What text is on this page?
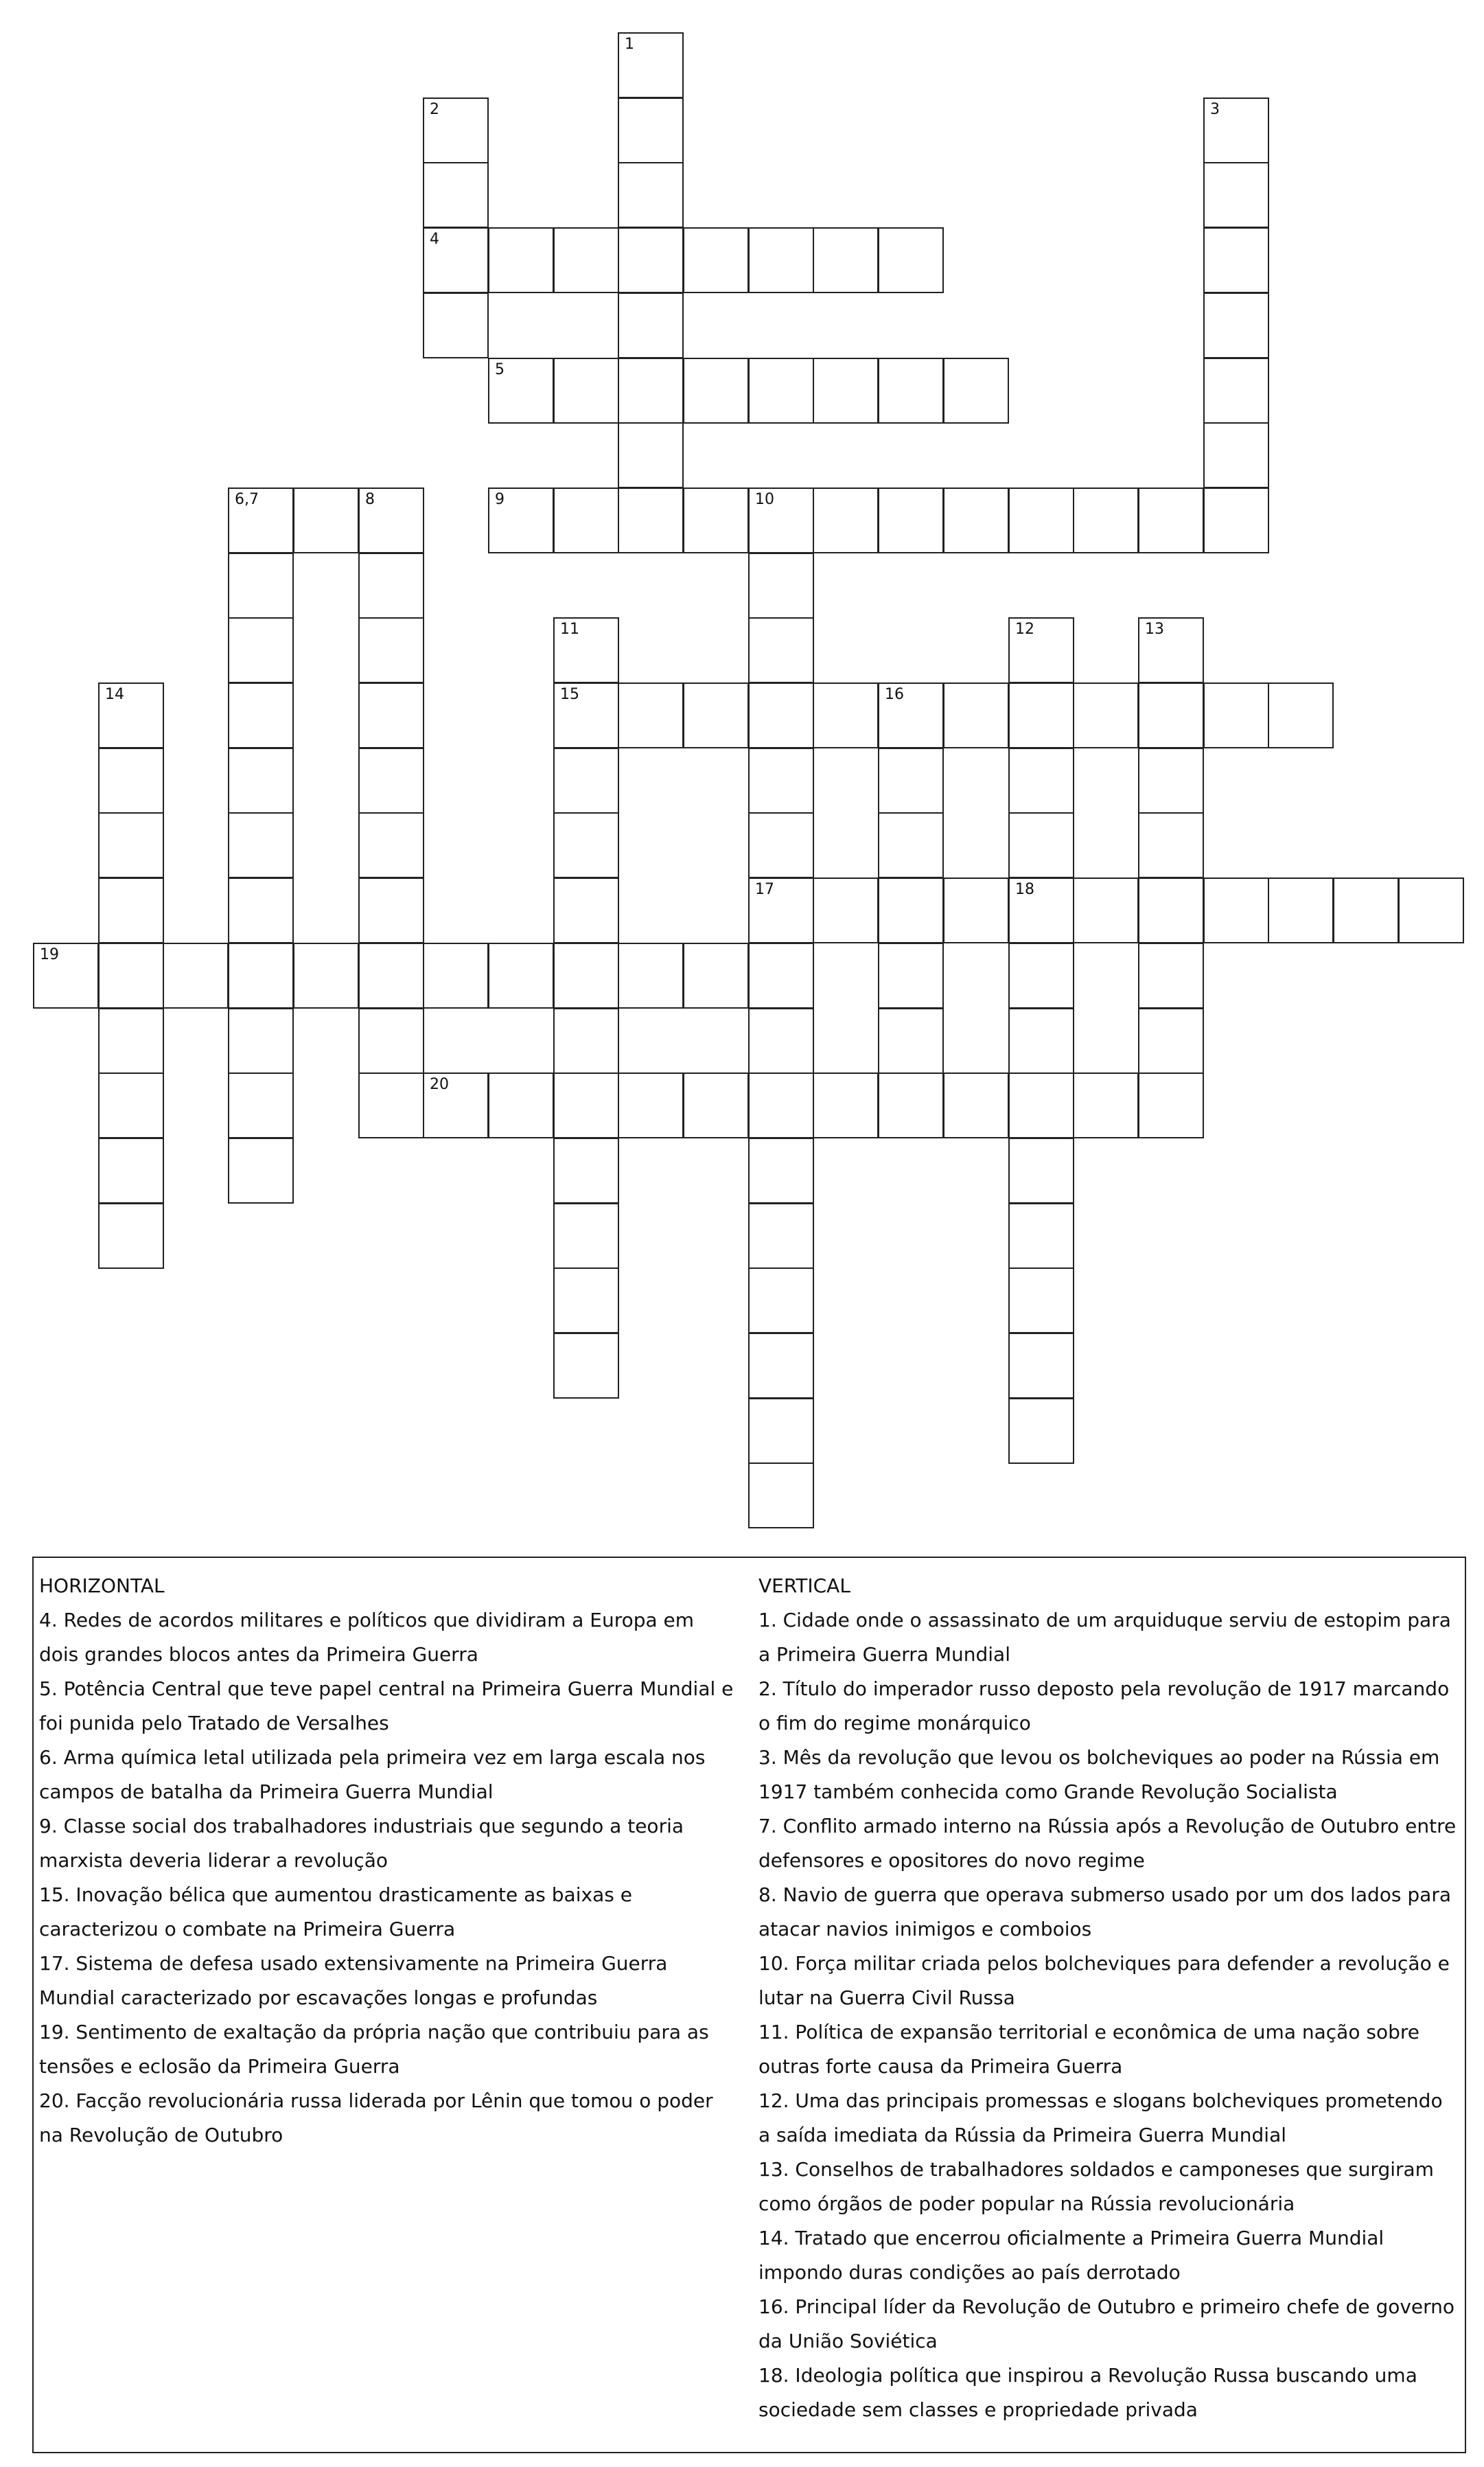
1
2
4
3
5
6,7	8	9	10
17
11
15
12
18
13
14	16
19
20
HORIZONTAL
4. Redes de acordos militares e políticos que dividiram a Europa em dois grandes blocos antes da Primeira Guerra
5. Potência Central que teve papel central na Primeira Guerra Mundial e foi punida pelo Tratado de Versalhes
6. Arma química letal utilizada pela primeira vez em larga escala nos campos de batalha da Primeira Guerra Mundial
9. Classe social dos trabalhadores industriais que segundo a teoria marxista deveria liderar a revolução
15. Inovação bélica que aumentou drasticamente as baixas e caracterizou o combate na Primeira Guerra
17. Sistema de defesa usado extensivamente na Primeira Guerra Mundial caracterizado por escavações longas e profundas
19. Sentimento de exaltação da própria nação que contribuiu para as tensões e eclosão da Primeira Guerra
20. Facção revolucionária russa liderada por Lênin que tomou o poder na Revolução de Outubro
VERTICAL
1. Cidade onde o assassinato de um arquiduque serviu de estopim para a Primeira Guerra Mundial
2. Título do imperador russo deposto pela revolução de 1917 marcando o fim do regime monárquico
3. Mês da revolução que levou os bolcheviques ao poder na Rússia em 1917 também conhecida como Grande Revolução Socialista
7. Conflito armado interno na Rússia após a Revolução de Outubro entre defensores e opositores do novo regime
8. Navio de guerra que operava submerso usado por um dos lados para atacar navios inimigos e comboios
10. Força militar criada pelos bolcheviques para defender a revolução e lutar na Guerra Civil Russa
11. Política de expansão territorial e econômica de uma nação sobre outras forte causa da Primeira Guerra
12. Uma das principais promessas e slogans bolcheviques prometendo a saída imediata da Rússia da Primeira Guerra Mundial
13. Conselhos de trabalhadores soldados e camponeses que surgiram como órgãos de poder popular na Rússia revolucionária
14. Tratado que encerrou oficialmente a Primeira Guerra Mundial impondo duras condições ao país derrotado
16. Principal líder da Revolução de Outubro e primeiro chefe de governo da União Soviética
18. Ideologia política que inspirou a Revolução Russa buscando uma sociedade sem classes e propriedade privada
